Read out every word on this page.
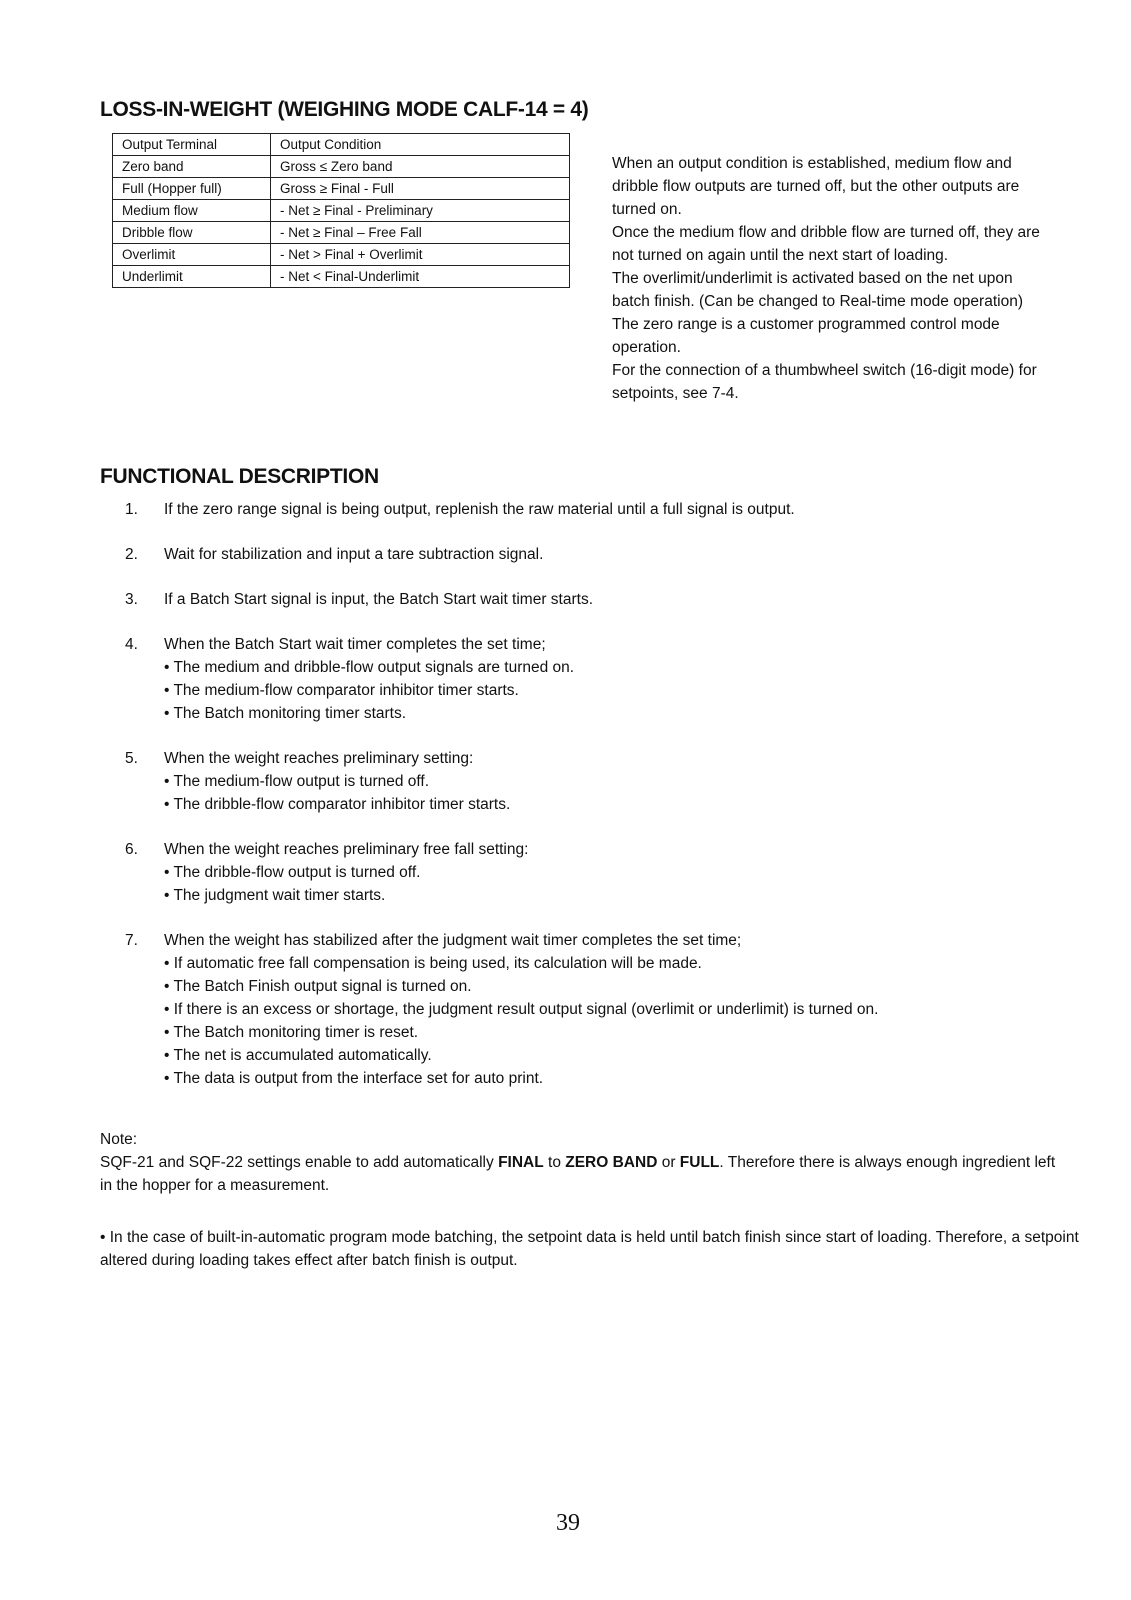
LOSS-IN-WEIGHT (WEIGHING MODE CALF-14 = 4)
Output Terminal	Output Condition
Zero band	Gross ≤ Zero band
Full (Hopper full)	Gross ≥ Final - Full
Medium flow	- Net ≥ Final - Preliminary
Dribble flow	- Net ≥ Final – Free Fall
Overlimit	- Net > Final + Overlimit
Underlimit	- Net < Final-Underlimit

When an output condition is established, medium flow and dribble flow outputs are turned off, but the other outputs are turned on.

Once the medium flow and dribble flow are turned off, they are not turned on again until the next start of loading.

The overlimit/underlimit is activated based on the net upon batch finish. (Can be changed to Real-time mode operation)

The zero range is a customer programmed control mode operation.

For the connection of a thumbwheel switch (16-digit mode) for setpoints, see 7-4.

FUNCTIONAL DESCRIPTION
1.	If the zero range signal is being output, replenish the raw material until a full signal is output.
2.	Wait for stabilization and input a tare subtraction signal.
3.	If a Batch Start signal is input, the Batch Start wait timer starts.
4.	When the Batch Start wait timer completes the set time;
• The medium and dribble-flow output signals are turned on.
• The medium-flow comparator inhibitor timer starts.
• The Batch monitoring timer starts.
5.	When the weight reaches preliminary setting:
• The medium-flow output is turned off.
• The dribble-flow comparator inhibitor timer starts.
6.	When the weight reaches preliminary free fall setting:
• The dribble-flow output is turned off.
• The judgment wait timer starts.
7.	When the weight has stabilized after the judgment wait timer completes the set time;
• If automatic free fall compensation is being used, its calculation will be made.
• The Batch Finish output signal is turned on.
• If there is an excess or shortage, the judgment result output signal (overlimit or underlimit) is turned on.
• The Batch monitoring timer is reset.
• The net is accumulated automatically.
• The data is output from the interface set for auto print.

Note:

SQF-21 and SQF-22 settings enable to add automatically FINAL to ZERO BAND or FULL. Therefore there is always enough ingredient left in the hopper for a measurement.

• In the case of built-in-automatic program mode batching, the setpoint data is held until batch finish since start of loading. Therefore, a setpoint altered during loading takes effect after batch finish is output.

39
